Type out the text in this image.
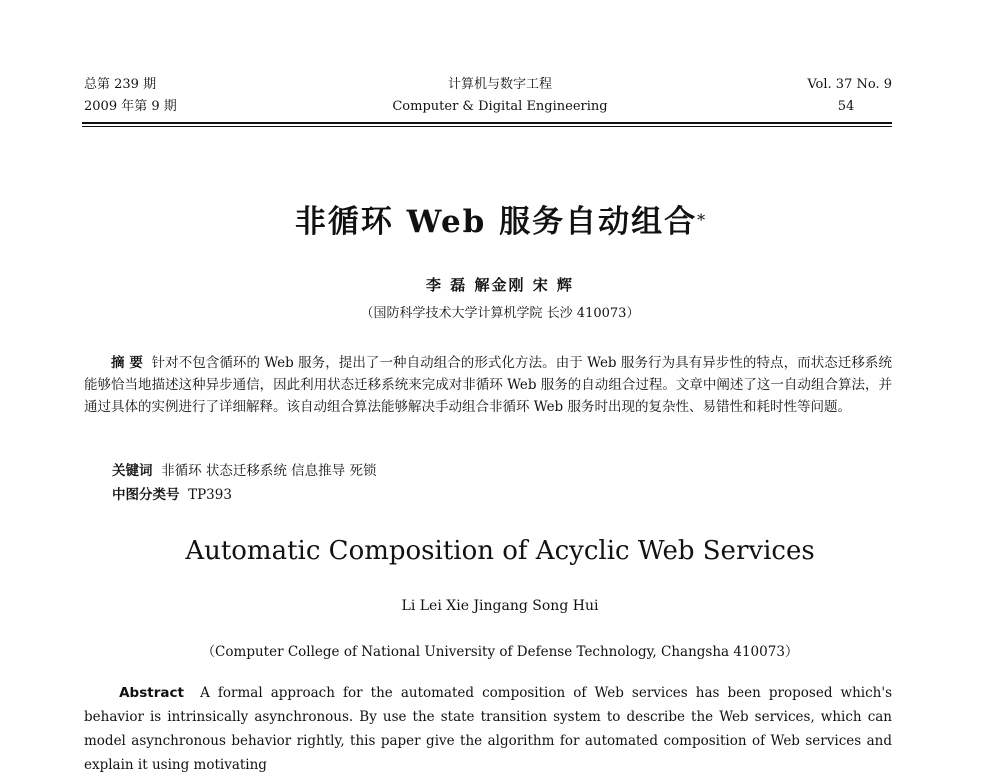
总第 239 期
2009 年第 9 期
计算机与数字工程
Computer & Digital Engineering
Vol. 37 No. 9
54
非循环 Web 服务自动组合*
李 磊 解金刚 宋 辉
（国防科学技术大学计算机学院 长沙 410073）
摘 要 针对不包含循环的 Web 服务，提出了一种自动组合的形式化方法。由于 Web 服务行为具有异步性的特点，而状态迁移系统能够恰当地描述这种异步通信，因此利用状态迁移系统来完成对非循环 Web 服务的自动组合过程。文章中阐述了这一自动组合算法，并通过具体的实例进行了详细解释。该自动组合算法能够解决手动组合非循环 Web 服务时出现的复杂性、易错性和耗时性等问题。
关键词 非循环 状态迁移系统 信息推导 死锁
中图分类号 TP393
Automatic Composition of Acyclic Web Services
Li Lei Xie Jingang Song Hui
（Computer College of National University of Defense Technology, Changsha 410073）
Abstract A formal approach for the automated composition of Web services has been proposed which's behavior is intrinsically asynchronous. By use the state transition system to describe the Web services, which can model asynchronous behavior rightly, this paper give the algorithm for automated composition of Web services and explain it using motivating
